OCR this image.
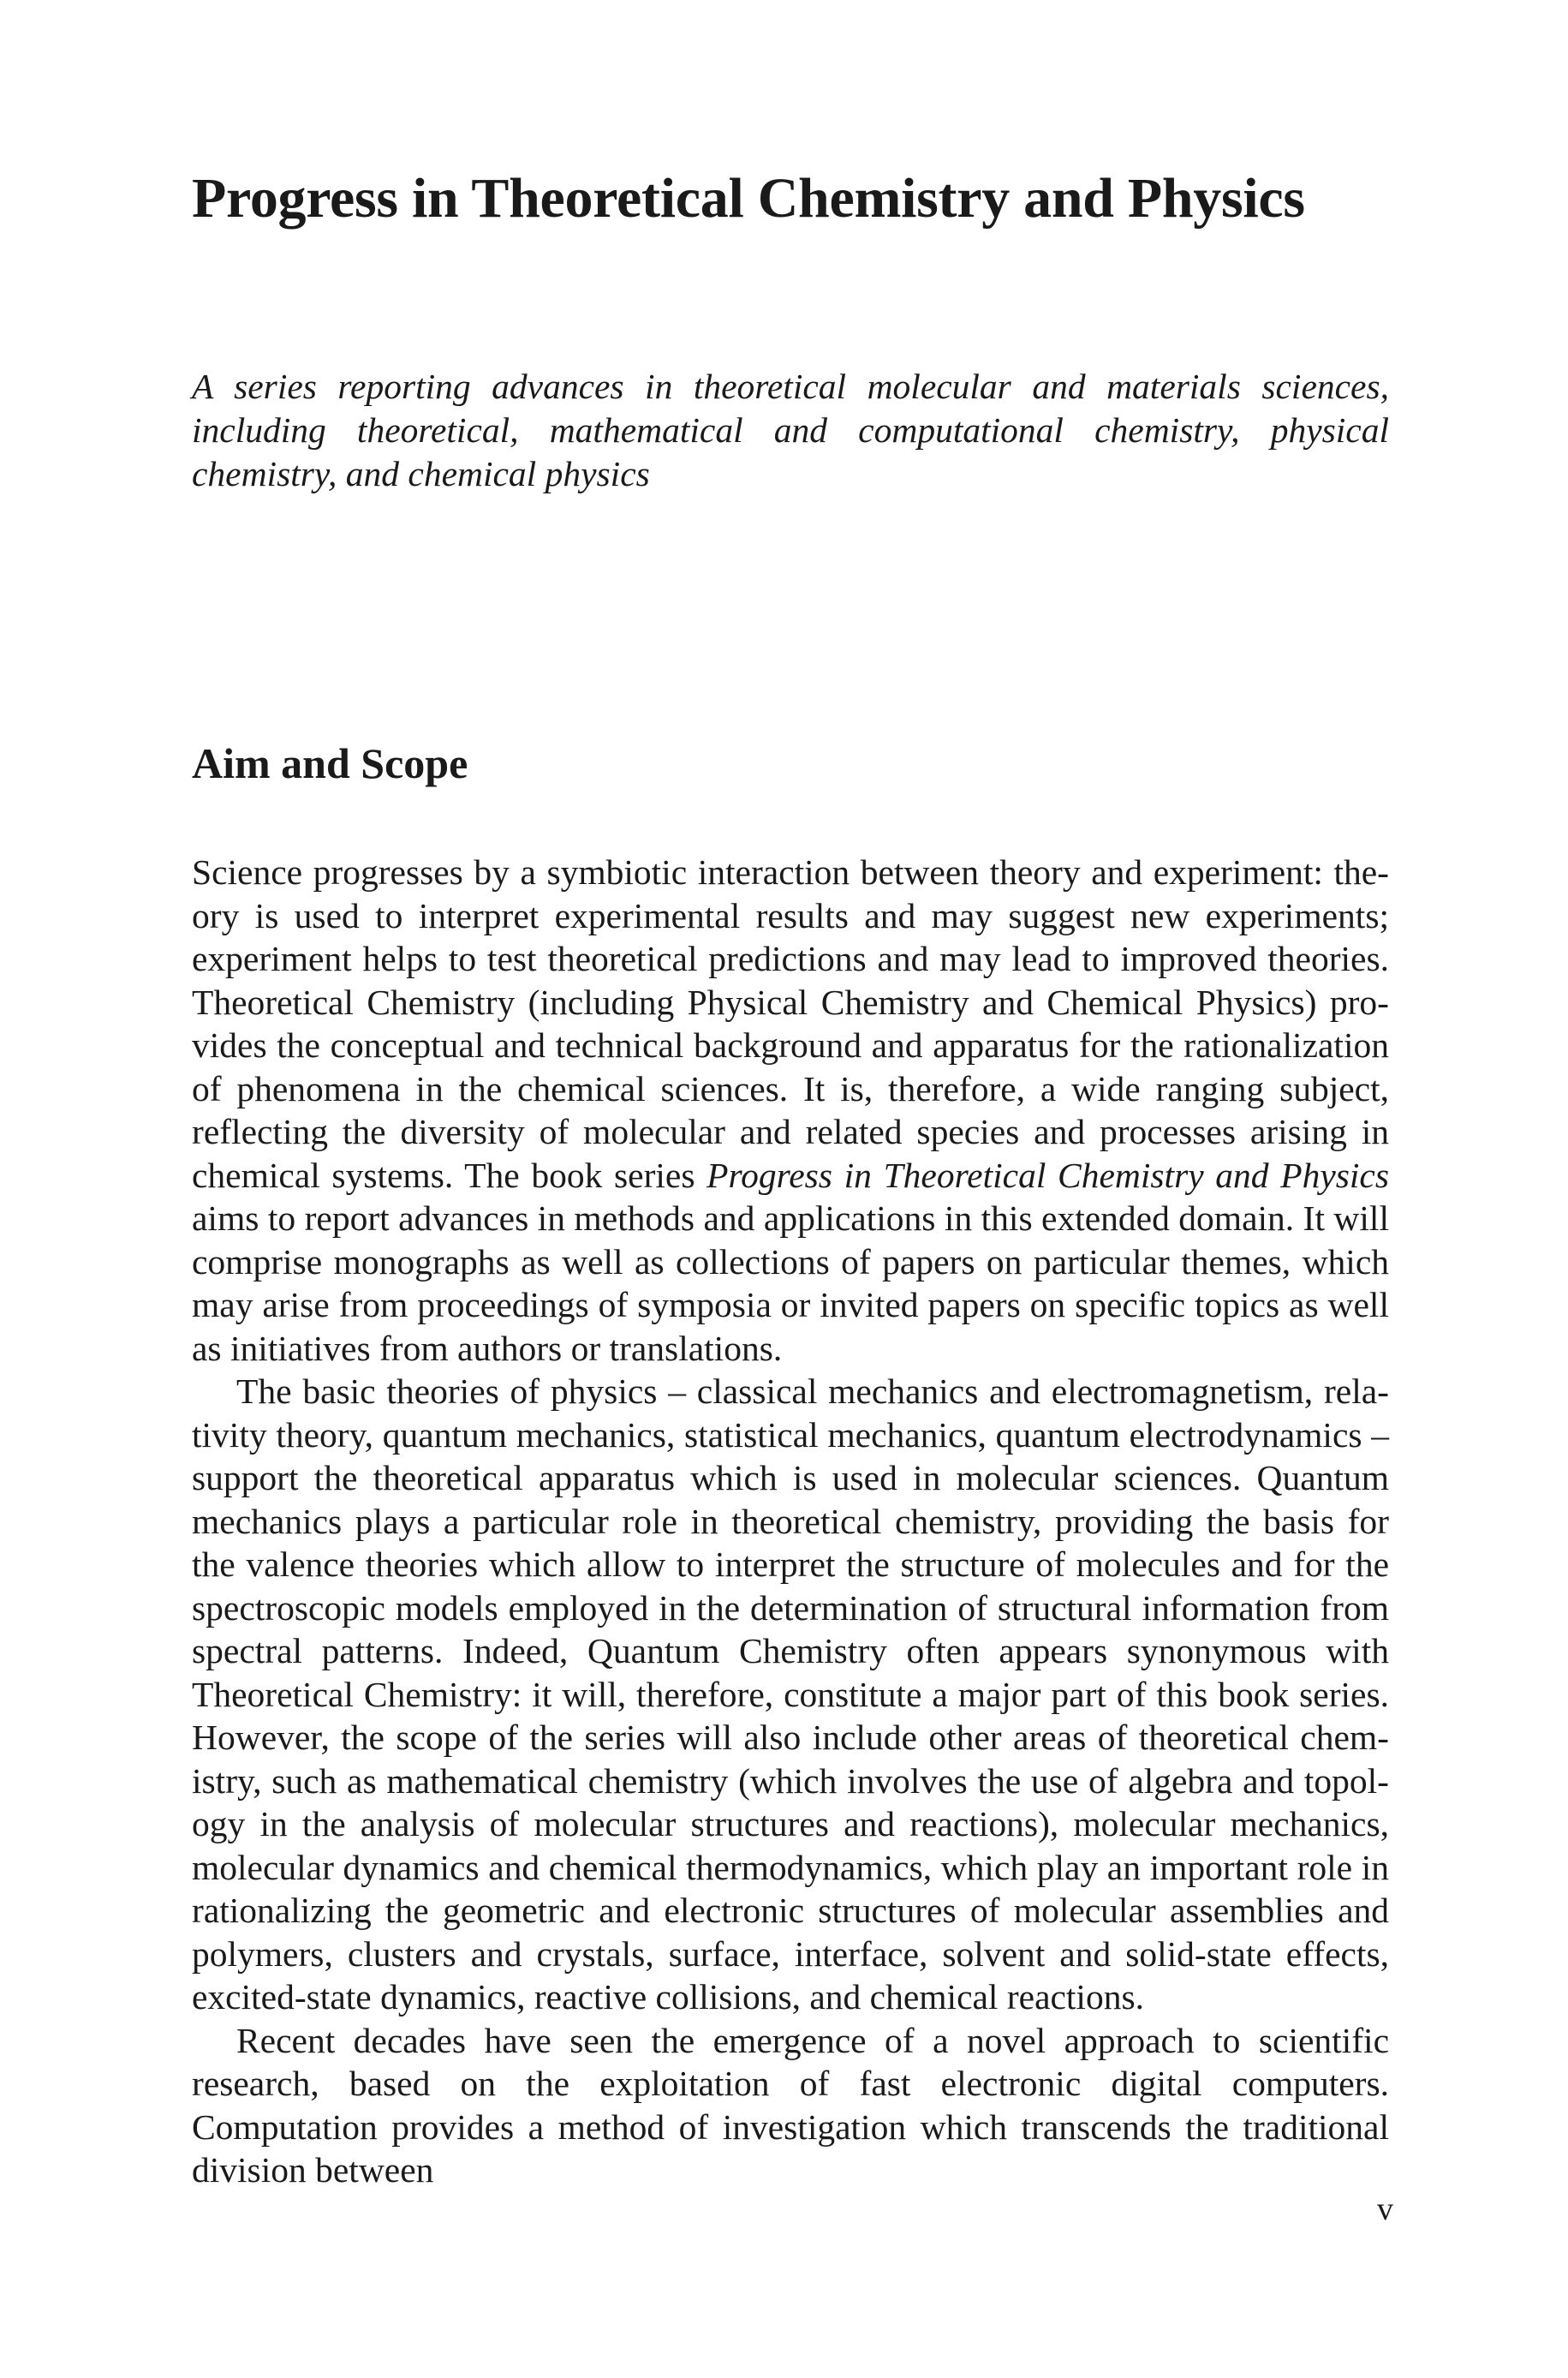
Progress in Theoretical Chemistry and Physics

A series reporting advances in theoretical molecular and materials sciences, including theoretical, mathematical and computational chemistry, physical chemistry, and chemical physics

Aim and Scope

Science progresses by a symbiotic interaction between theory and experiment: theory is used to interpret experimental results and may suggest new experiments; experiment helps to test theoretical predictions and may lead to improved theories. Theoretical Chemistry (including Physical Chemistry and Chemical Physics) provides the conceptual and technical background and apparatus for the rationalization of phenomena in the chemical sciences. It is, therefore, a wide ranging subject, reflecting the diversity of molecular and related species and processes arising in chemical systems. The book series Progress in Theoretical Chemistry and Physics aims to report advances in methods and applications in this extended domain. It will comprise monographs as well as collections of papers on particular themes, which may arise from proceedings of symposia or invited papers on specific topics as well as initiatives from authors or translations.

The basic theories of physics – classical mechanics and electromagnetism, relativity theory, quantum mechanics, statistical mechanics, quantum electrodynamics – support the theoretical apparatus which is used in molecular sciences. Quantum mechanics plays a particular role in theoretical chemistry, providing the basis for the valence theories which allow to interpret the structure of molecules and for the spectroscopic models employed in the determination of structural information from spectral patterns. Indeed, Quantum Chemistry often appears synonymous with Theoretical Chemistry: it will, therefore, constitute a major part of this book series. However, the scope of the series will also include other areas of theoretical chemistry, such as mathematical chemistry (which involves the use of algebra and topology in the analysis of molecular structures and reactions), molecular mechanics, molecular dynamics and chemical thermodynamics, which play an important role in rationalizing the geometric and electronic structures of molecular assemblies and polymers, clusters and crystals, surface, interface, solvent and solid-state effects, excited-state dynamics, reactive collisions, and chemical reactions.

Recent decades have seen the emergence of a novel approach to scientific research, based on the exploitation of fast electronic digital computers. Computation provides a method of investigation which transcends the traditional division between

v
